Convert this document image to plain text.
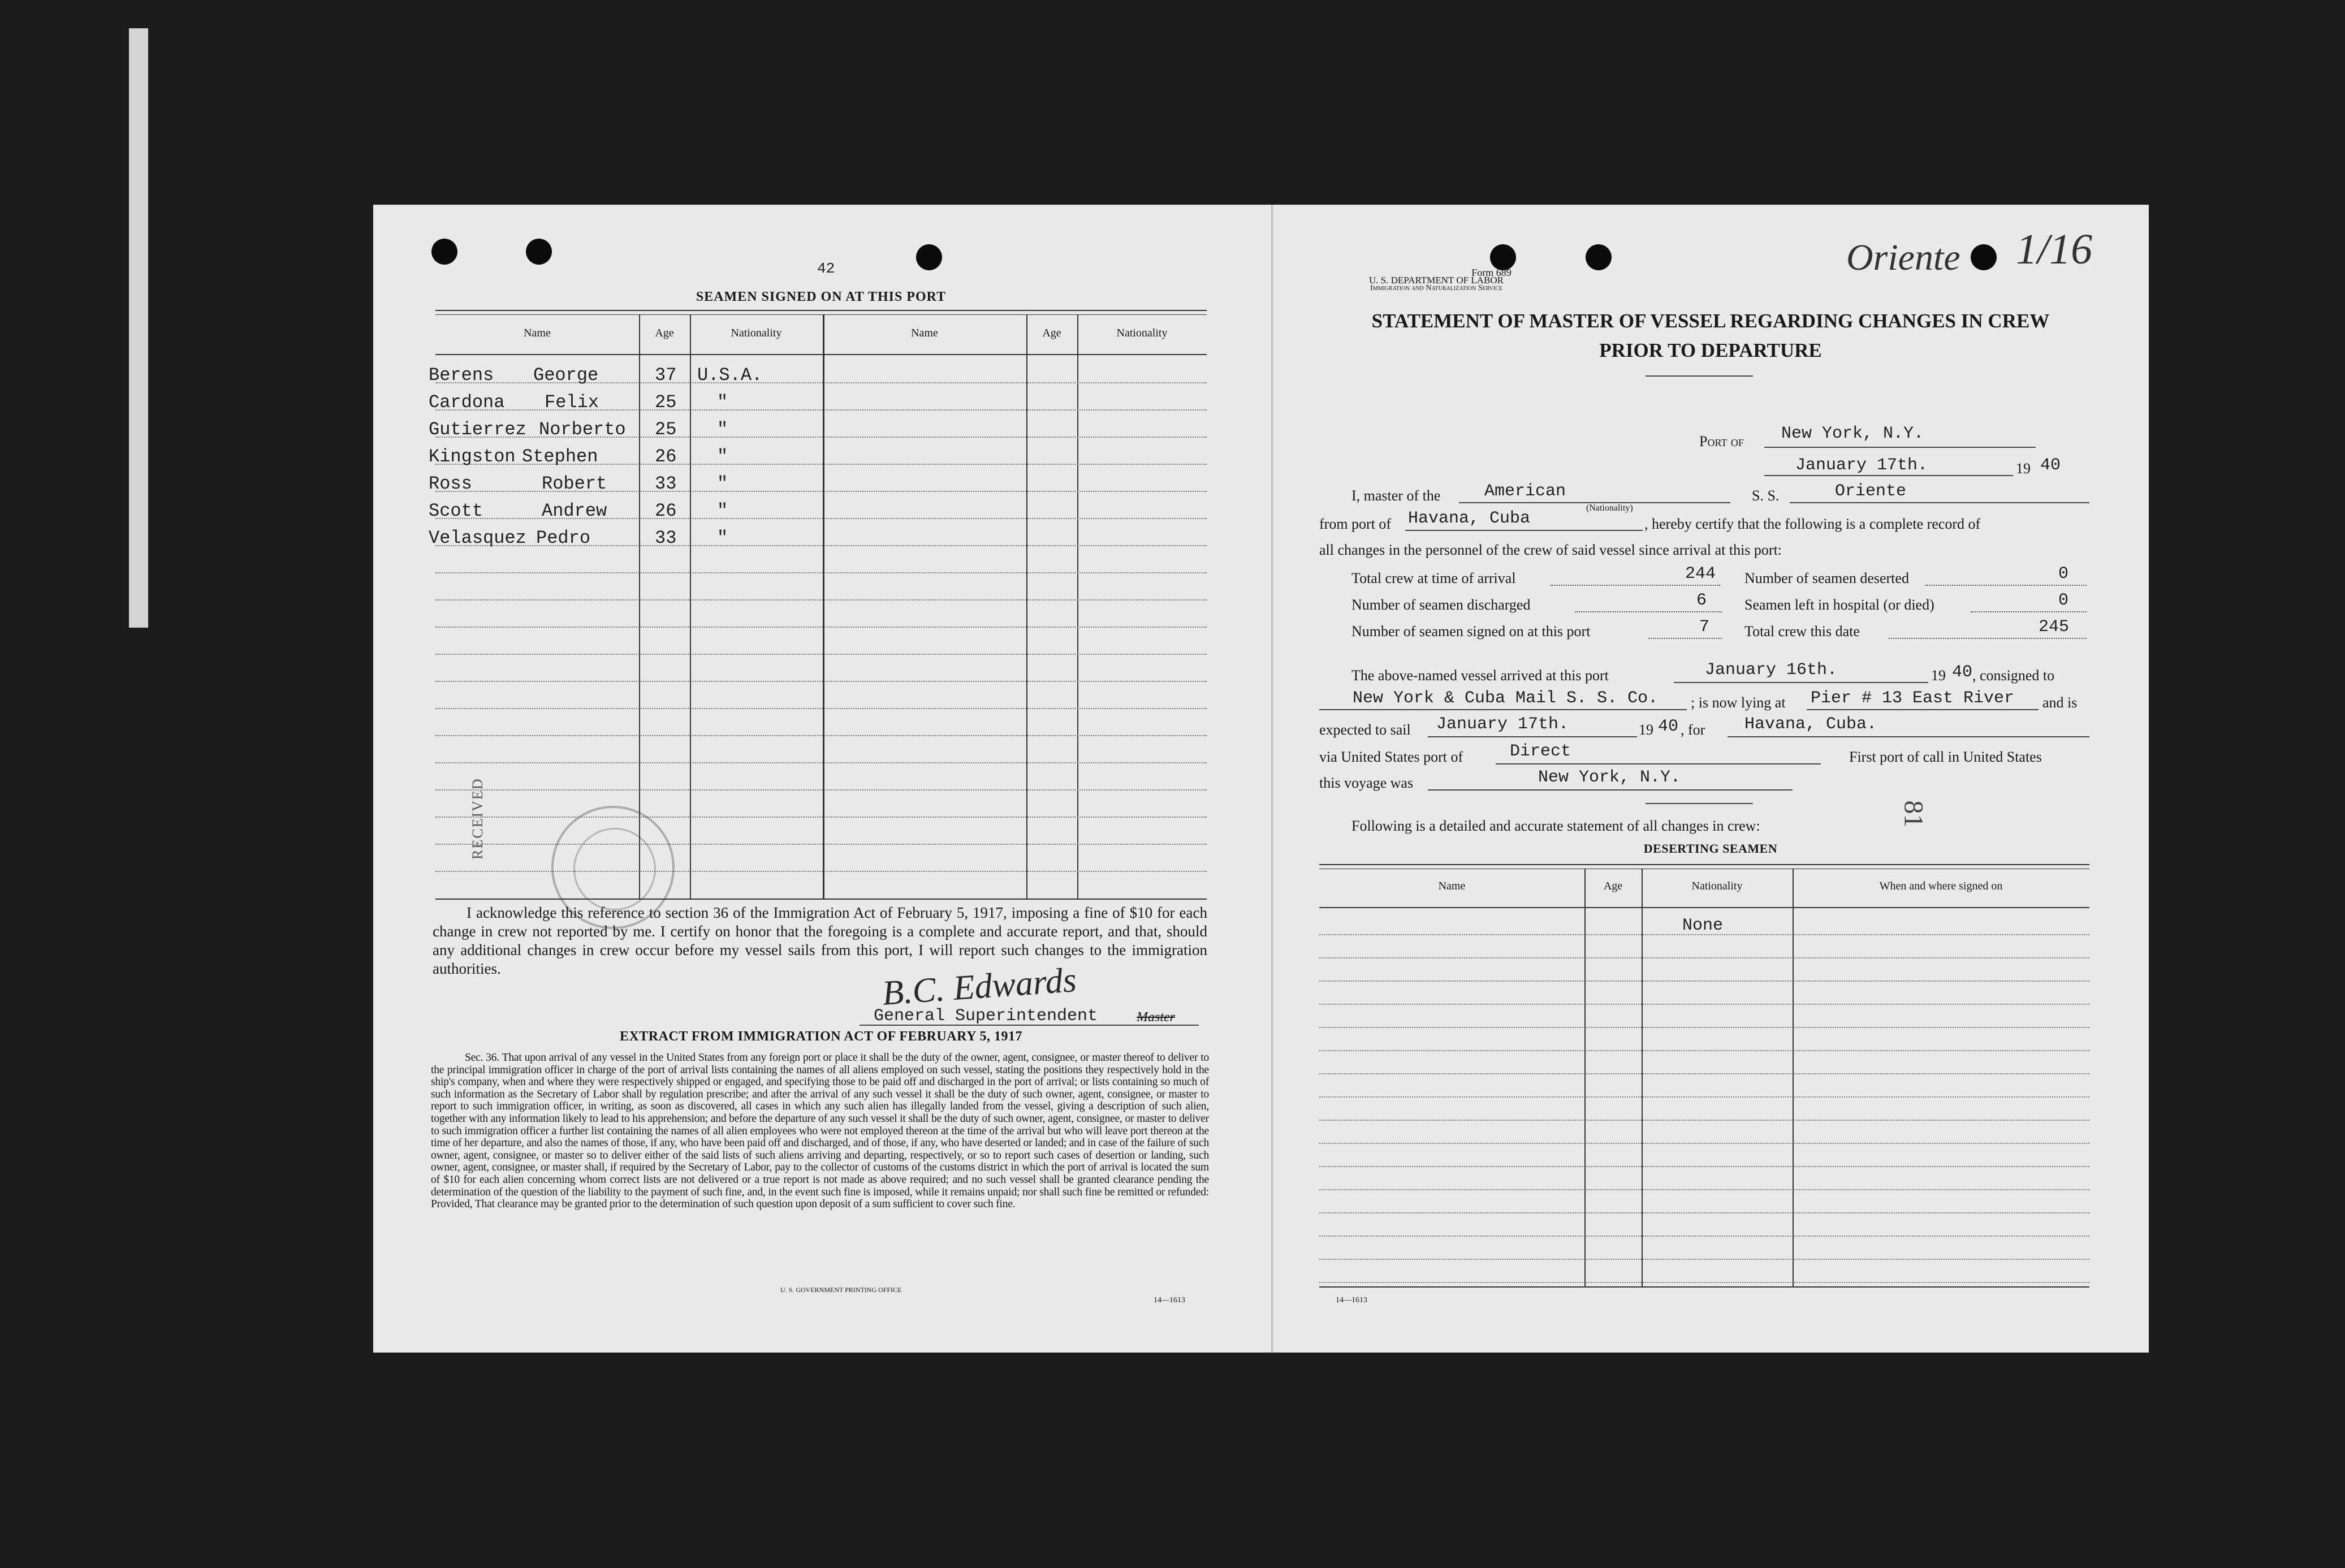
42
SEAMEN SIGNED ON AT THIS PORT
Name	Age	Nationality	Name	Age	Nationality
Berens George	37 U.S.A.
Cardona Felix	25 "
Gutierrez Norberto 25 "
Kingston Stephen	26 "
Ross	Robert	33 "
Scott	Andrew	26 "
Velasquez Pedro	33 "
RECEIVED
I acknowledge this reference to section 36 of the Immigration Act of February 5, 1917, imposing a fine of $10 for each change in crew not reported by me. I certify on honor that the foregoing is a complete and accurate report, and that, should any additional changes in crew occur before my vessel sails from this port, I will report such changes to the immigration authorities.	B.C. Edwards
General Superintendent	Master
EXTRACT FROM IMMIGRATION ACT OF FEBRUARY 5, 1917
Sec. 36. That upon arrival of any vessel in the United States from any foreign port or place it shall be the duty of the owner, agent, consignee, or master thereof to deliver to the principal immigration officer in charge of the port of arrival lists containing the names of all aliens employed on such vessel, stating the positions they respectively hold in the ship's company, when and where they were respectively shipped or engaged, and specifying those to be paid off and discharged in the port of arrival; or lists containing so much of such information as the Secretary of Labor shall by regulation prescribe; and after the arrival of any such vessel it shall be the duty of such owner, agent, consignee, or master to report to such immigration officer, in writing, as soon as discovered, all cases in which any such alien has illegally landed from the vessel, giving a description of such alien, together with any information likely to lead to his apprehension; and before the departure of any such vessel it shall be the duty of such owner, agent, consignee, or master to deliver to such immigration officer a further list containing the names of all alien employees who were not employed thereon at the time of the arrival but who will leave port thereon at the time of her departure, and also the names of those, if any, who have been paid off and discharged, and of those, if any, who have deserted or landed; and in case of the failure of such owner, agent, consignee, or master so to deliver either of the said lists of such aliens arriving and departing, respectively, or so to report such cases of desertion or landing, such owner, agent, consignee, or master shall, if required by the Secretary of Labor, pay to the collector of customs of the customs district in which the port of arrival is located the sum of $10 for each alien concerning whom correct lists are not delivered or a true report is not made as above required; and no such vessel shall be granted clearance pending the determination of the question of the liability to the payment of such fine, and, in the event such fine is imposed, while it remains unpaid; nor shall such fine be remitted or refunded: Provided, That clearance may be granted prior to the determination of such question upon deposit of a sum sufficient to cover such fine.
U. S. GOVERNMENT PRINTING OFFICE
14—1613
Oriente 1/16
Form 689
U. S. DEPARTMENT OF LABOR
Immigration and Naturalization Service
STATEMENT OF MASTER OF VESSEL REGARDING CHANGES IN CREW
PRIOR TO DEPARTURE
Port of New York, N.Y.
January 17th.	19 40
I, master of the	American
(Nationality)
S. S.	Oriente
from port of Havana, Cuba	, hereby certify that the following is a complete record of
all changes in the personnel of the crew of said vessel since arrival at this port:
Total crew at time of arrival	244 Number of seamen deserted	0
Number of seamen discharged	6	Seamen left in hospital (or died)	0
Number of seamen signed on at this port	7 Total crew this date	245
The above-named vessel arrived at this port	January 16th.	19 40 , consigned to
New York & Cuba Mail S. S. Co. ; is now lying at Pier # 13 East River and is
expected to sail January 17th.	19 40 , for Havana, Cuba.
via United States port of	Direct	First port of call in United States
this voyage was	New York, N.Y.
Following is a detailed and accurate statement of all changes in crew:	81
DESERTING SEAMEN
Name	Age	Nationality	When and where signed on
None
14—1613
